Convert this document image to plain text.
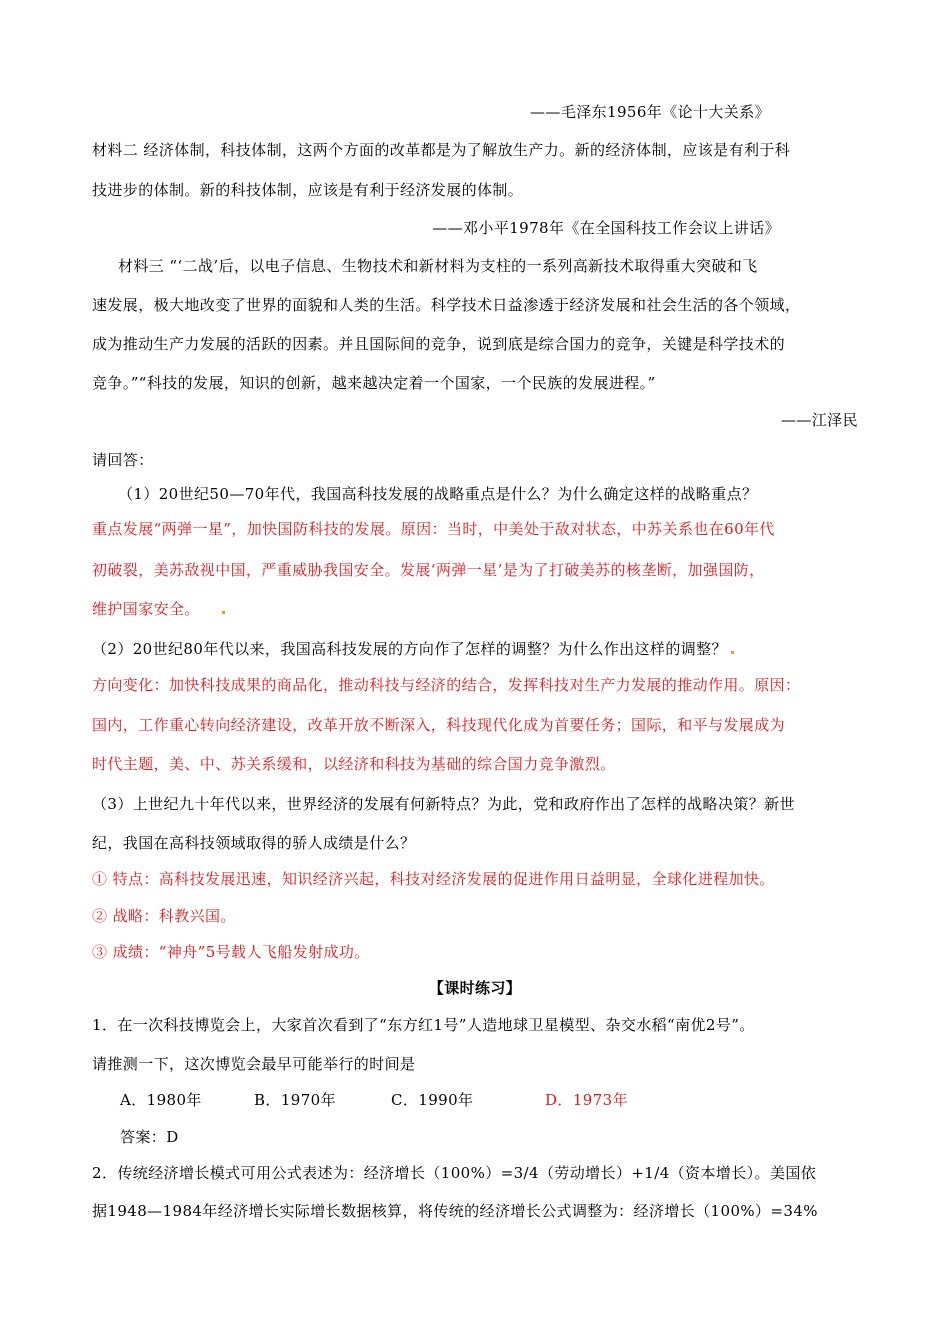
——毛泽东1956年《论十大关系》
材料二 经济体制，科技体制，这两个方面的改革都是为了解放生产力。新的经济体制，应该是有利于科
技进步的体制。新的科技体制，应该是有利于经济发展的体制。
——邓小平1978年《在全国科技工作会议上讲话》
材料三 “‘二战’后，以电子信息、生物技术和新材料为支柱的一系列高新技术取得重大突破和飞
速发展，极大地改变了世界的面貌和人类的生活。科学技术日益渗透于经济发展和社会生活的各个领域，
成为推动生产力发展的活跃的因素。并且国际间的竞争，说到底是综合国力的竞争，关键是科学技术的
竞争。”“科技的发展，知识的创新，越来越决定着一个国家，一个民族的发展进程。”
——江泽民
请回答：
（1）20世纪50—70年代，我国高科技发展的战略重点是什么？为什么确定这样的战略重点？
重点发展“两弹一星”，加快国防科技的发展。原因：当时，中美处于敌对状态，中苏关系也在60年代
初破裂，美苏敌视中国，严重威胁我国安全。发展‘两弹一星’是为了打破美苏的核垄断，加强国防，
维护国家安全。
（2）20世纪80年代以来，我国高科技发展的方向作了怎样的调整？为什么作出这样的调整？
方向变化：加快科技成果的商品化，推动科技与经济的结合，发挥科技对生产力发展的推动作用。原因：
国内，工作重心转向经济建设，改革开放不断深入，科技现代化成为首要任务；国际，和平与发展成为
时代主题，美、中、苏关系缓和，以经济和科技为基础的综合国力竞争激烈。
（3）上世纪九十年代以来，世界经济的发展有何新特点？为此，党和政府作出了怎样的战略决策？新世
纪，我国在高科技领域取得的骄人成绩是什么？
① 特点：高科技发展迅速，知识经济兴起，科技对经济发展的促进作用日益明显，全球化进程加快。
② 战略：科教兴国。
③ 成绩：“神舟”5号载人飞船发射成功。
【课时练习】
1．在一次科技博览会上，大家首次看到了“东方红1号”人造地球卫星模型、杂交水稻“南优2号”。
请推测一下，这次博览会最早可能举行的时间是
A．1980年	B．1970年	C．1990年	D．1973年
答案：D
2．传统经济增长模式可用公式表述为：经济增长（100%）=3/4（劳动增长）+1/4（资本增长）。美国依
据1948—1984年经济增长实际增长数据核算，将传统的经济增长公式调整为：经济增长（100%）=34%
